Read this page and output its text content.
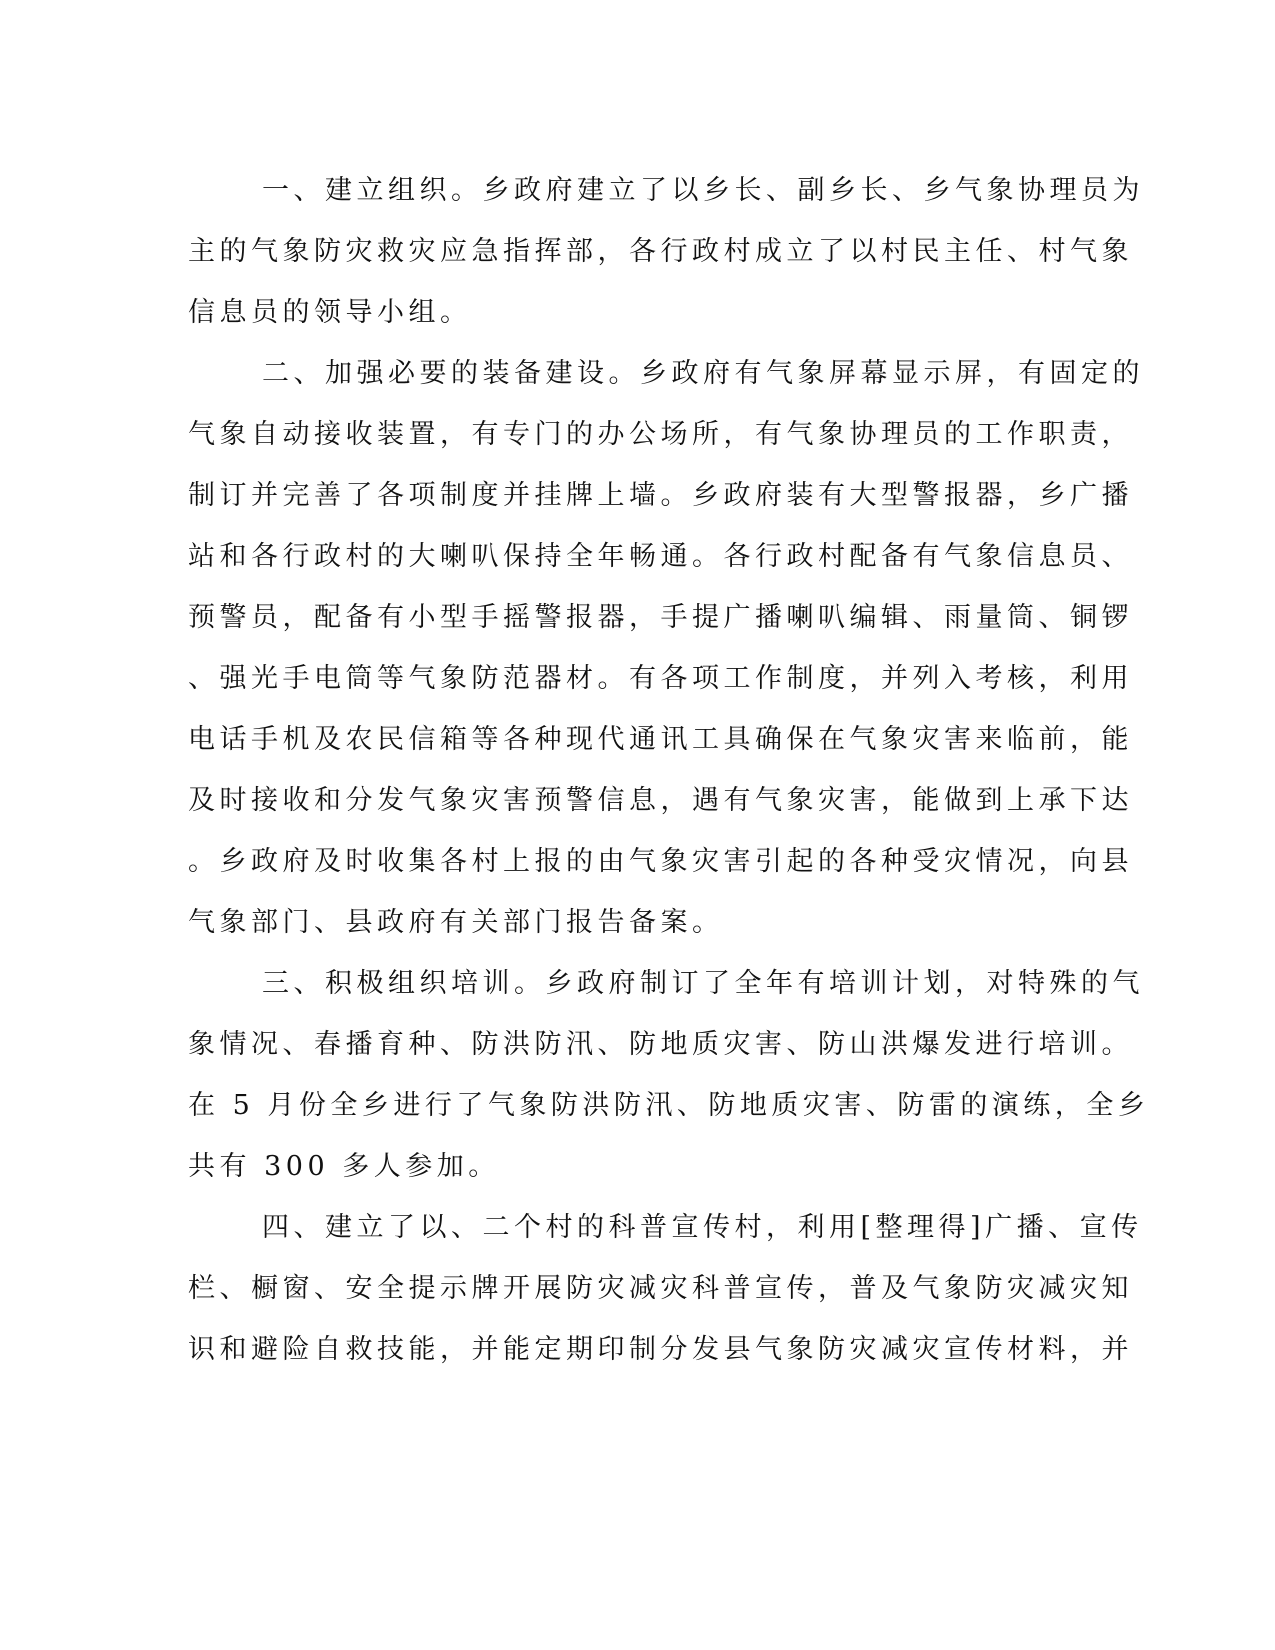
一、建立组织。乡政府建立了以乡长、副乡长、乡气象协理员为
主的气象防灾救灾应急指挥部，各行政村成立了以村民主任、村气象
信息员的领导小组。
二、加强必要的装备建设。乡政府有气象屏幕显示屏，有固定的
气象自动接收装置，有专门的办公场所，有气象协理员的工作职责，
制订并完善了各项制度并挂牌上墙。乡政府装有大型警报器，乡广播
站和各行政村的大喇叭保持全年畅通。各行政村配备有气象信息员、
预警员，配备有小型手摇警报器，手提广播喇叭编辑、雨量筒、铜锣
、强光手电筒等气象防范器材。有各项工作制度，并列入考核，利用
电话手机及农民信箱等各种现代通讯工具确保在气象灾害来临前，能
及时接收和分发气象灾害预警信息，遇有气象灾害，能做到上承下达
。乡政府及时收集各村上报的由气象灾害引起的各种受灾情况，向县
气象部门、县政府有关部门报告备案。
三、积极组织培训。乡政府制订了全年有培训计划，对特殊的气
象情况、春播育种、防洪防汛、防地质灾害、防山洪爆发进行培训。
在 5 月份全乡进行了气象防洪防汛、防地质灾害、防雷的演练，全乡
共有 300 多人参加。
四、建立了以、二个村的科普宣传村，利用[整理得]广播、宣传
栏、橱窗、安全提示牌开展防灾减灾科普宣传，普及气象防灾减灾知
识和避险自救技能，并能定期印制分发县气象防灾减灾宣传材料，并
